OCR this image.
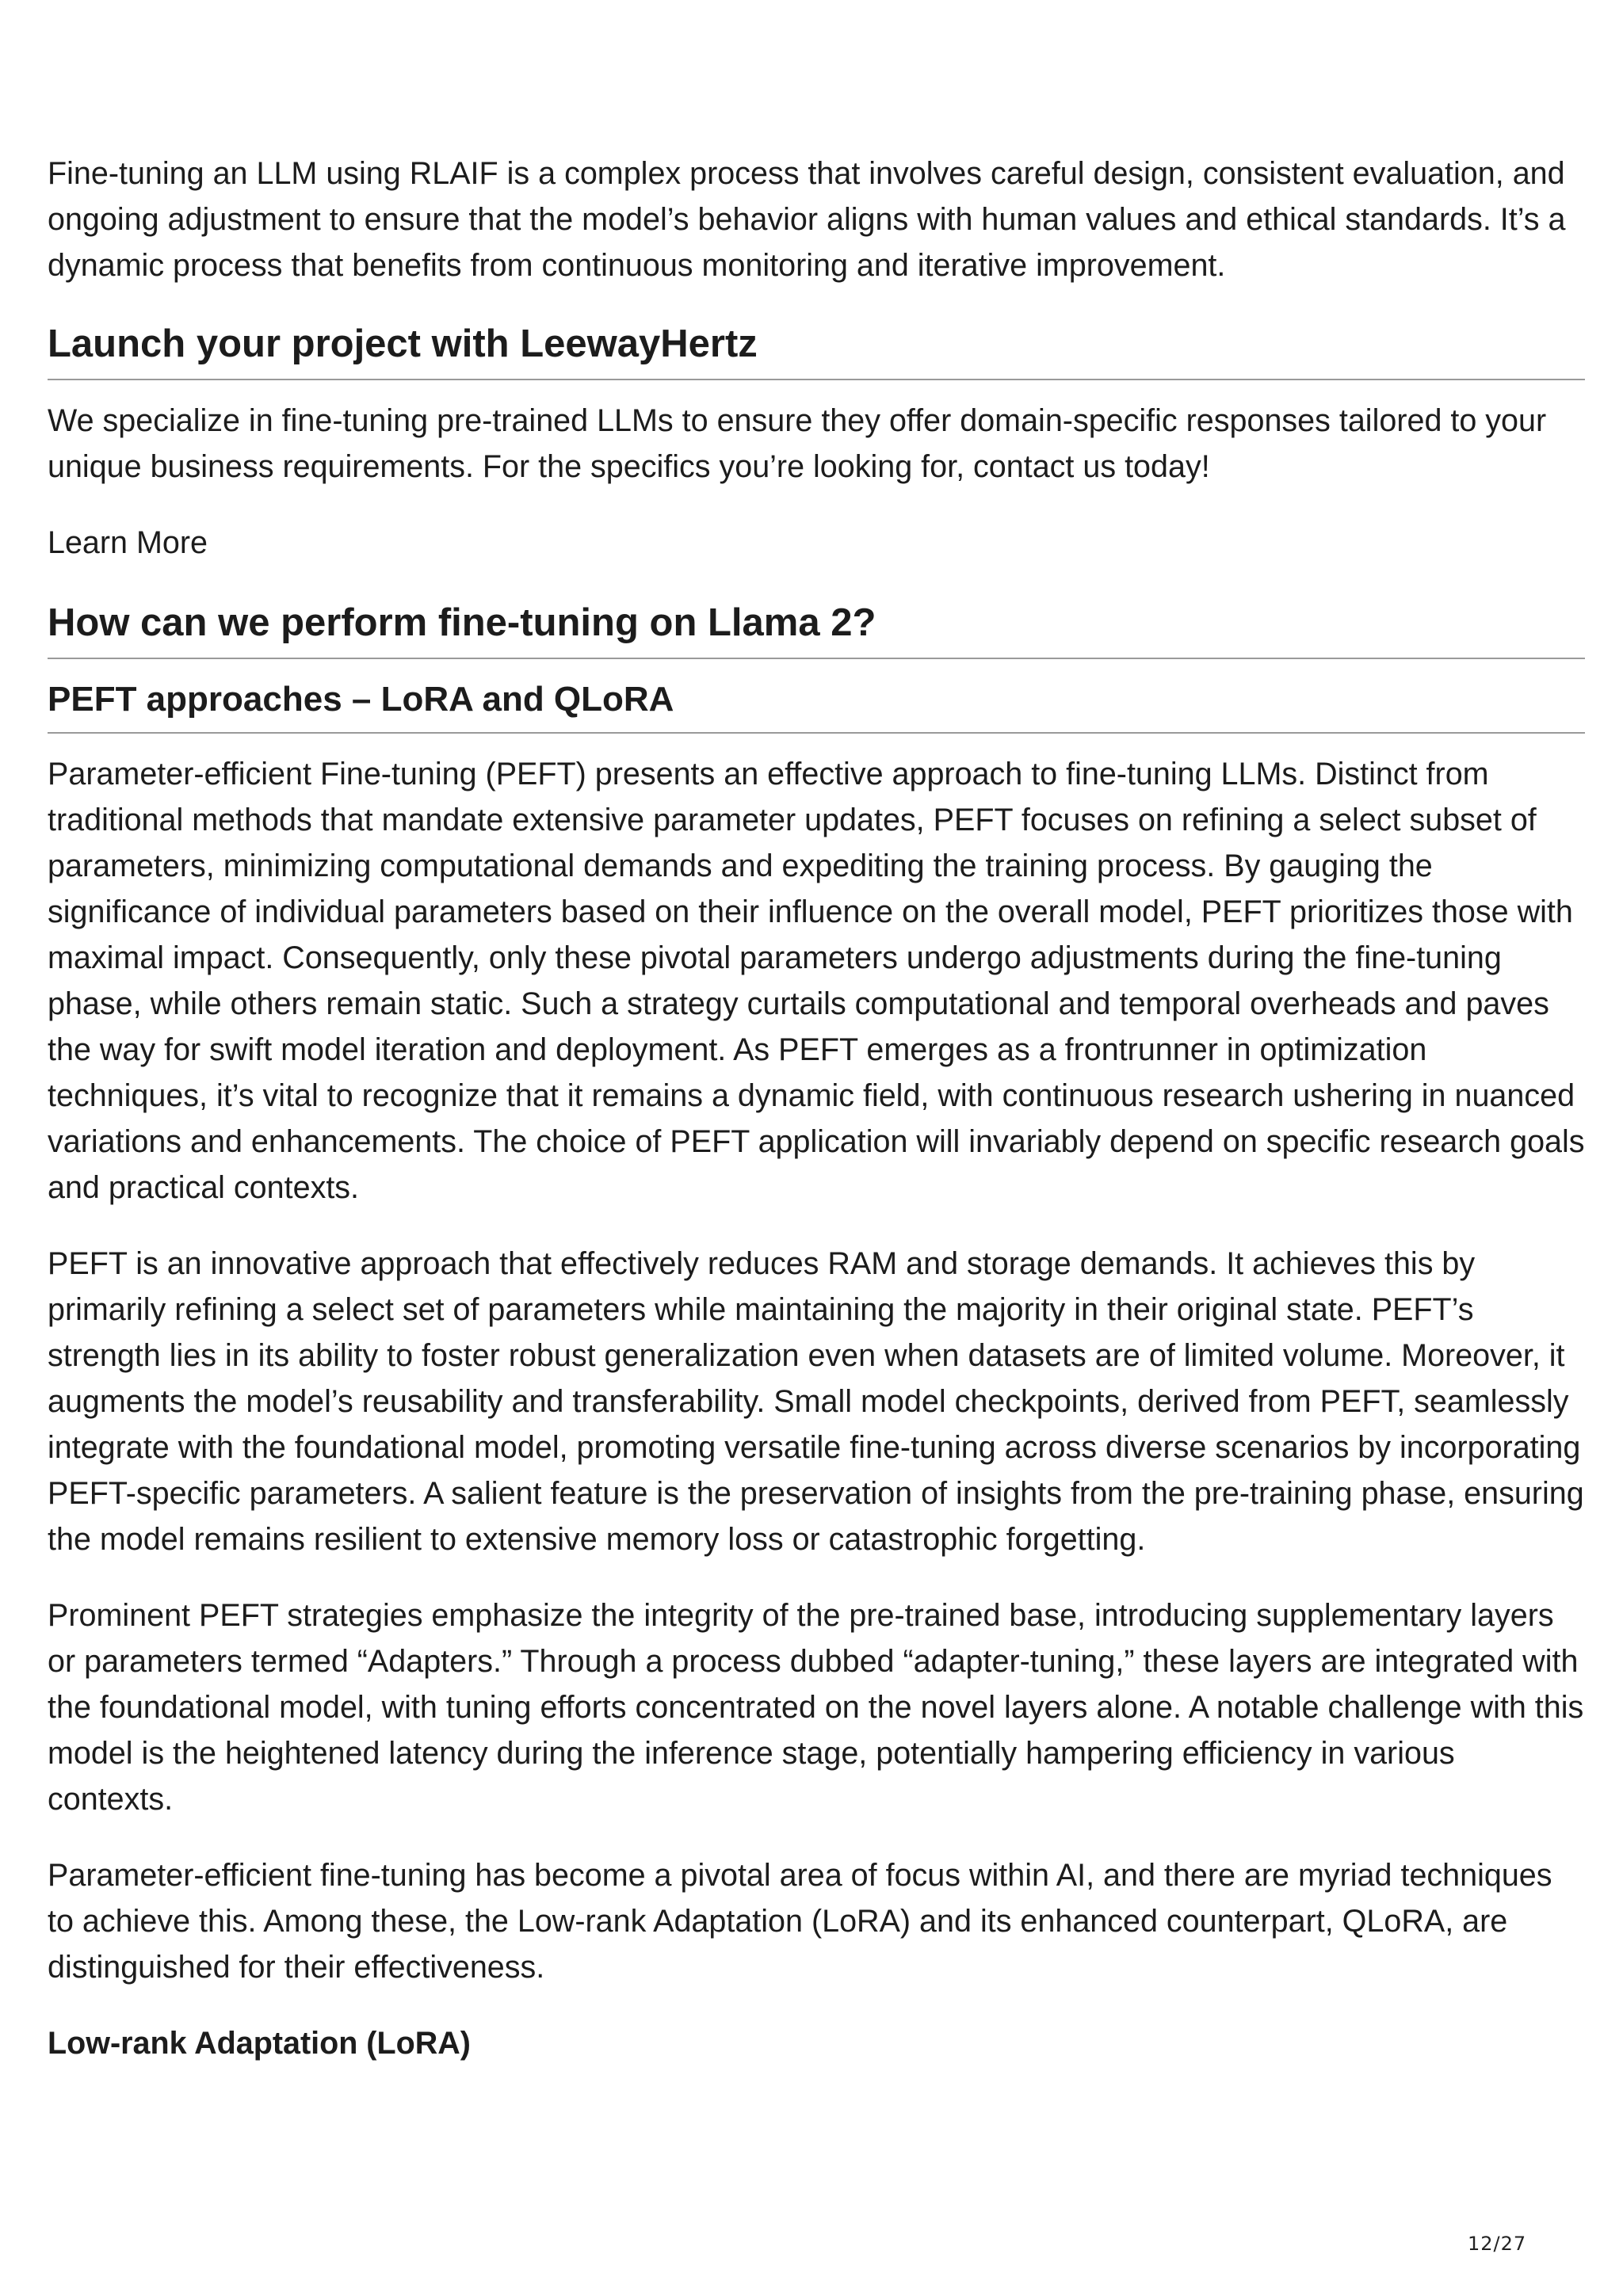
Fine-tuning an LLM using RLAIF is a complex process that involves careful design, consistent evaluation, and ongoing adjustment to ensure that the model’s behavior aligns with human values and ethical standards. It’s a dynamic process that benefits from continuous monitoring and iterative improvement.

Launch your project with LeewayHertz

We specialize in fine-tuning pre-trained LLMs to ensure they offer domain-specific responses tailored to your unique business requirements. For the specifics you’re looking for, contact us today!

Learn More
How can we perform fine-tuning on Llama 2?
PEFT approaches – LoRA and QLoRA

Parameter-efficient Fine-tuning (PEFT) presents an effective approach to fine-tuning LLMs. Distinct from traditional methods that mandate extensive parameter updates, PEFT focuses on refining a select subset of parameters, minimizing computational demands and expediting the training process. By gauging the significance of individual parameters based on their influence on the overall model, PEFT prioritizes those with maximal impact. Consequently, only these pivotal parameters undergo adjustments during the fine-tuning phase, while others remain static. Such a strategy curtails computational and temporal overheads and paves the way for swift model iteration and deployment. As PEFT emerges as a frontrunner in optimization techniques, it’s vital to recognize that it remains a dynamic field, with continuous research ushering in nuanced variations and enhancements. The choice of PEFT application will invariably depend on specific research goals and practical contexts.

PEFT is an innovative approach that effectively reduces RAM and storage demands. It achieves this by primarily refining a select set of parameters while maintaining the majority in their original state. PEFT’s strength lies in its ability to foster robust generalization even when datasets are of limited volume. Moreover, it augments the model’s reusability and transferability. Small model checkpoints, derived from PEFT, seamlessly integrate with the foundational model, promoting versatile fine-tuning across diverse scenarios by incorporating PEFT-specific parameters. A salient feature is the preservation of insights from the pre-training phase, ensuring the model remains resilient to extensive memory loss or catastrophic forgetting.

Prominent PEFT strategies emphasize the integrity of the pre-trained base, introducing supplementary layers or parameters termed “Adapters.” Through a process dubbed “adapter-tuning,” these layers are integrated with the foundational model, with tuning efforts concentrated on the novel layers alone. A notable challenge with this model is the heightened latency during the inference stage, potentially hampering efficiency in various contexts.

Parameter-efficient fine-tuning has become a pivotal area of focus within AI, and there are myriad techniques to achieve this. Among these, the Low-rank Adaptation (LoRA) and its enhanced counterpart, QLoRA, are distinguished for their effectiveness.

Low-rank Adaptation (LoRA)
12/27
